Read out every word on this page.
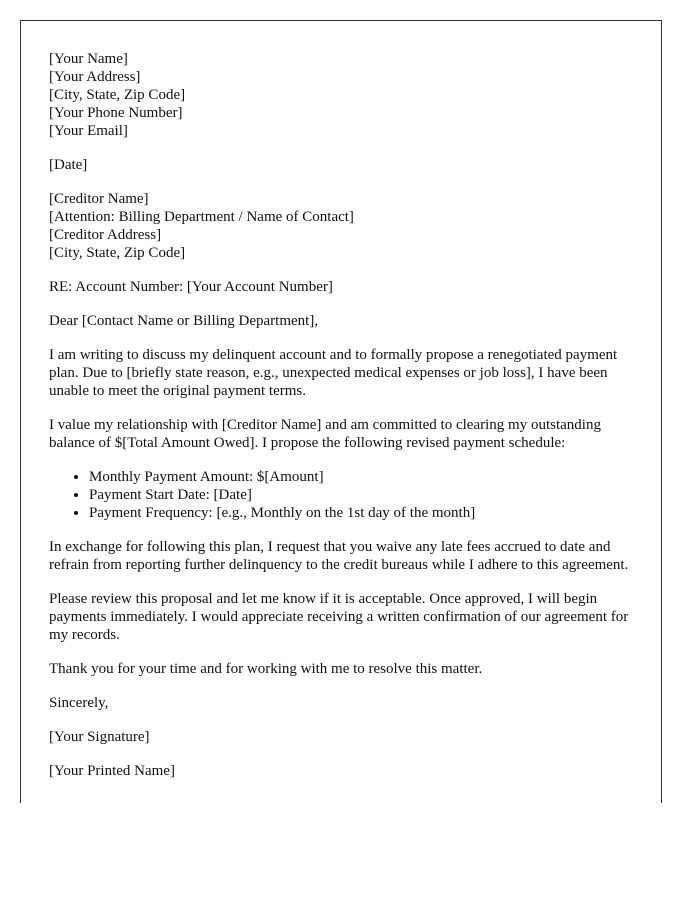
[Your Name]
[Your Address]
[City, State, Zip Code]
[Your Phone Number]
[Your Email]

[Date]

[Creditor Name]
[Attention: Billing Department / Name of Contact]
[Creditor Address]
[City, State, Zip Code]

RE: Account Number: [Your Account Number]

Dear [Contact Name or Billing Department],

I am writing to discuss my delinquent account and to formally propose a renegotiated payment plan. Due to [briefly state reason, e.g., unexpected medical expenses or job loss], I have been unable to meet the original payment terms.

I value my relationship with [Creditor Name] and am committed to clearing my outstanding balance of $[Total Amount Owed]. I propose the following revised payment schedule:

• Monthly Payment Amount: $[Amount]
• Payment Start Date: [Date]
• Payment Frequency: [e.g., Monthly on the 1st day of the month]

In exchange for following this plan, I request that you waive any late fees accrued to date and refrain from reporting further delinquency to the credit bureaus while I adhere to this agreement.

Please review this proposal and let me know if it is acceptable. Once approved, I will begin payments immediately. I would appreciate receiving a written confirmation of our agreement for my records.

Thank you for your time and for working with me to resolve this matter.

Sincerely,

[Your Signature]

[Your Printed Name]
